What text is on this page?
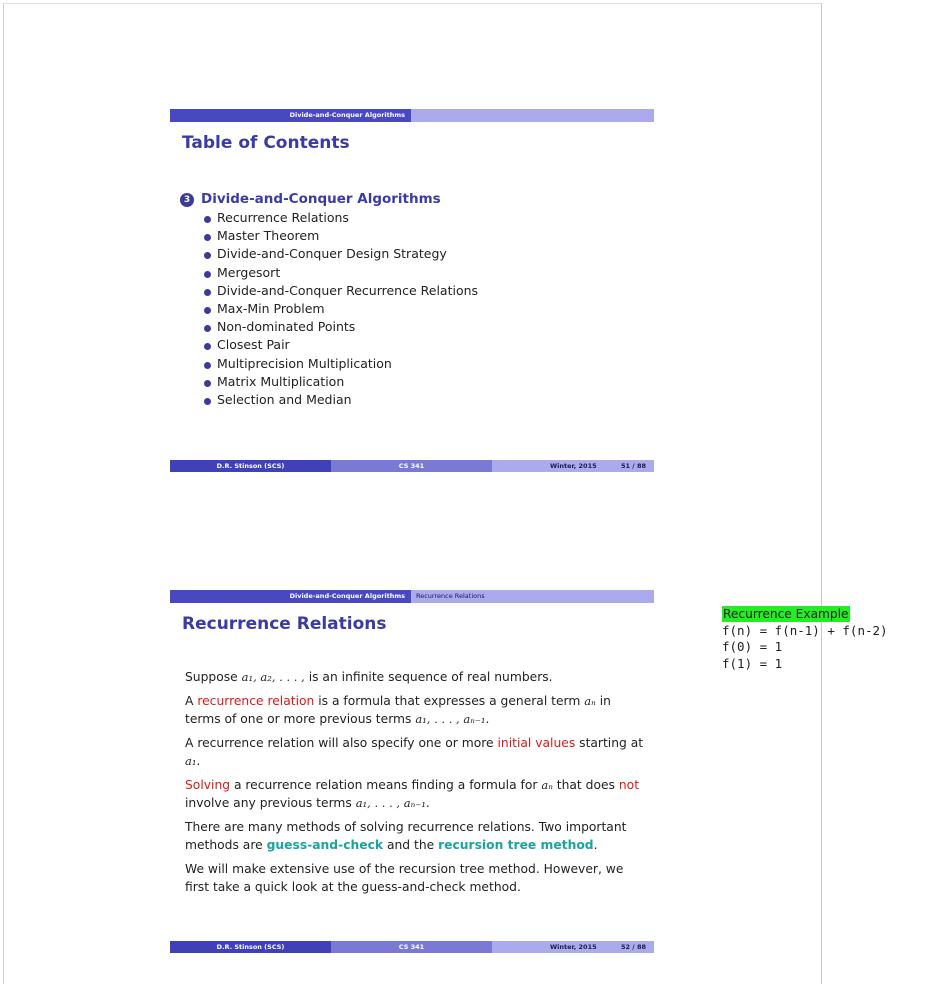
Divide-and-Conquer Algorithms
Table of Contents
3 Divide-and-Conquer Algorithms
Recurrence Relations
Master Theorem
Divide-and-Conquer Design Strategy
Mergesort
Divide-and-Conquer Recurrence Relations
Max-Min Problem
Non-dominated Points
Closest Pair
Multiprecision Multiplication
Matrix Multiplication
Selection and Median
D.R. Stinson (SCS)	CS 341	Winter, 2015	51 / 88
Divide-and-Conquer Algorithms	Recurrence Relations
Recurrence Relations

Suppose a₁, a₂, . . . , is an infinite sequence of real numbers.

A recurrence relation is a formula that expresses a general term aₙ in terms of one or more previous terms a₁, . . . , aₙ₋₁.

A recurrence relation will also specify one or more initial values starting at a₁.

Solving a recurrence relation means finding a formula for aₙ that does not involve any previous terms a₁, . . . , aₙ₋₁.

There are many methods of solving recurrence relations. Two important methods are guess-and-check and the recursion tree method.

We will make extensive use of the recursion tree method. However, we first take a quick look at the guess-and-check method.

D.R. Stinson (SCS)	CS 341	Winter, 2015	52 / 88
Recurrence Example
f(n) = f(n-1) + f(n-2)
f(0) = 1
f(1) = 1
